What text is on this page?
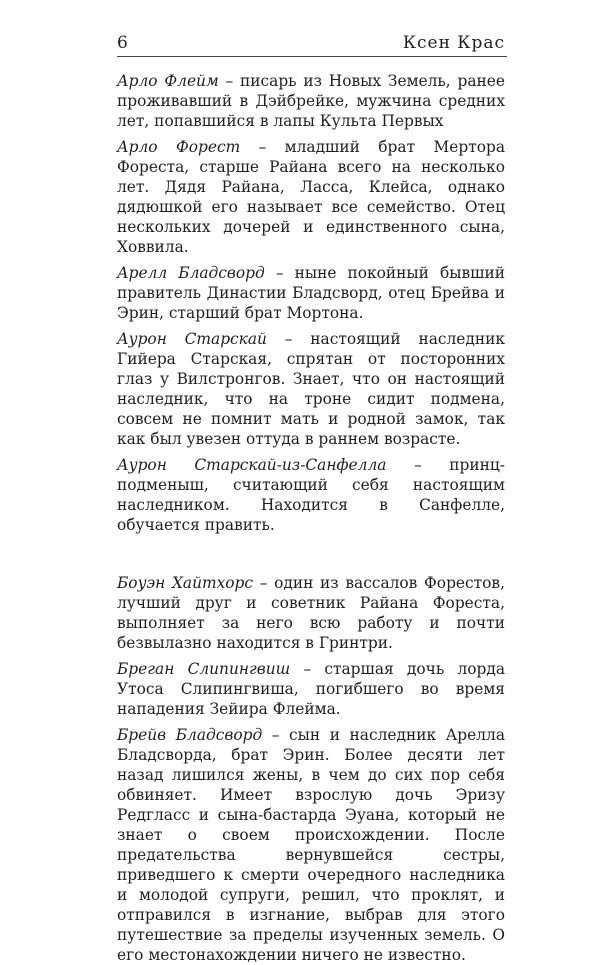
6	Ксен Крас

Арло Флейм – писарь из Новых Земель, ранее проживавший в Дэйбрейке, мужчина средних лет, попавшийся в лапы Культа Первых

Арло Форест – младший брат Мертора Фореста, старше Райана всего на несколько лет. Дядя Райана, Ласса, Клейса, однако дядюшкой его называет все семейство. Отец нескольких дочерей и единственного сына, Ховвила.

Арелл Бладсворд – ныне покойный бывший правитель Династии Бладсворд, отец Брейва и Эрин, старший брат Мортона.

Аурон Старскай – настоящий наследник Гийера Старская, спрятан от посторонних глаз у Вилстронгов. Знает, что он настоящий наследник, что на троне сидит подмена, совсем не помнит мать и родной замок, так как был увезен оттуда в раннем возрасте.

Аурон Старскай-из-Санфелла – принц-подменыш, считающий себя настоящим наследником. Находится в Санфелле, обучается править.

Боуэн Хайтхорс – один из вассалов Форестов, лучший друг и советник Райана Фореста, выполняет за него всю работу и почти безвылазно находится в Гринтри.

Бреган Слипингвиш – старшая дочь лорда Утоса Слипингвиша, погибшего во время нападения Зейира Флейма.

Брейв Бладсворд – сын и наследник Арелла Бладсворда, брат Эрин. Более десяти лет назад лишился жены, в чем до сих пор себя обвиняет. Имеет взрослую дочь Эризу Редгласс и сына-бастарда Эуана, который не знает о своем происхождении. После предательства вернувшейся сестры, приведшего к смерти очередного наследника и молодой супруги, решил, что проклят, и отправился в изгнание, выбрав для этого путешествие за пределы изученных земель. О его местонахождении ничего не известно.
